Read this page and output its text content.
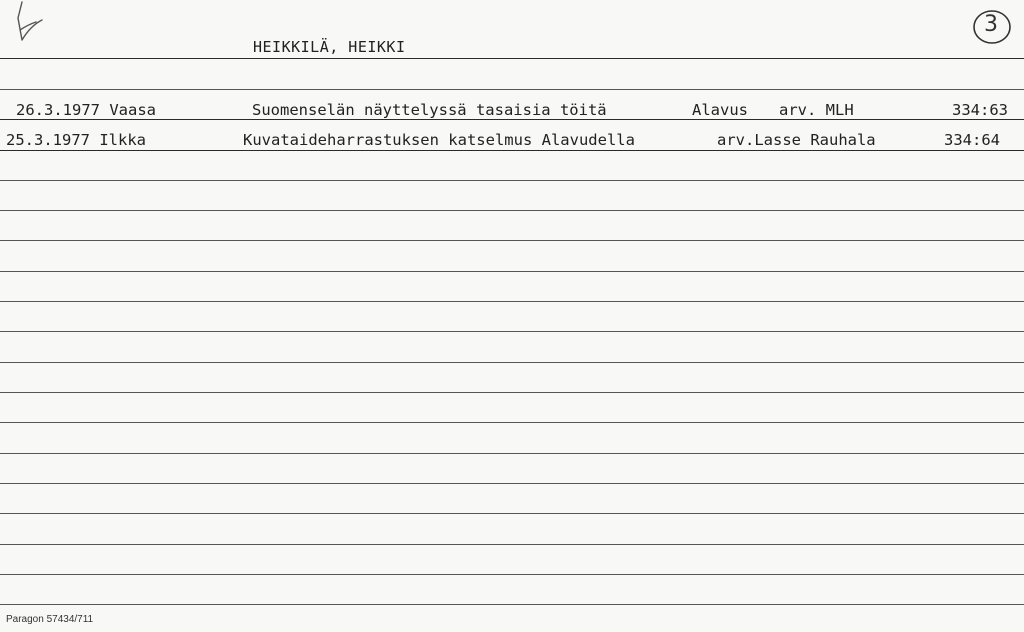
3
HEIKKILÄ, HEIKKI
26.3.1977 Vaasa	Suomenselän näyttelyssä tasaisia töitä	Alavus arv. MLH	334:63
25.3.1977 Ilkka	Kuvataideharrastuksen katselmus Alavudella	arv.Lasse Rauhala	334:64
Paragon 57434/711
